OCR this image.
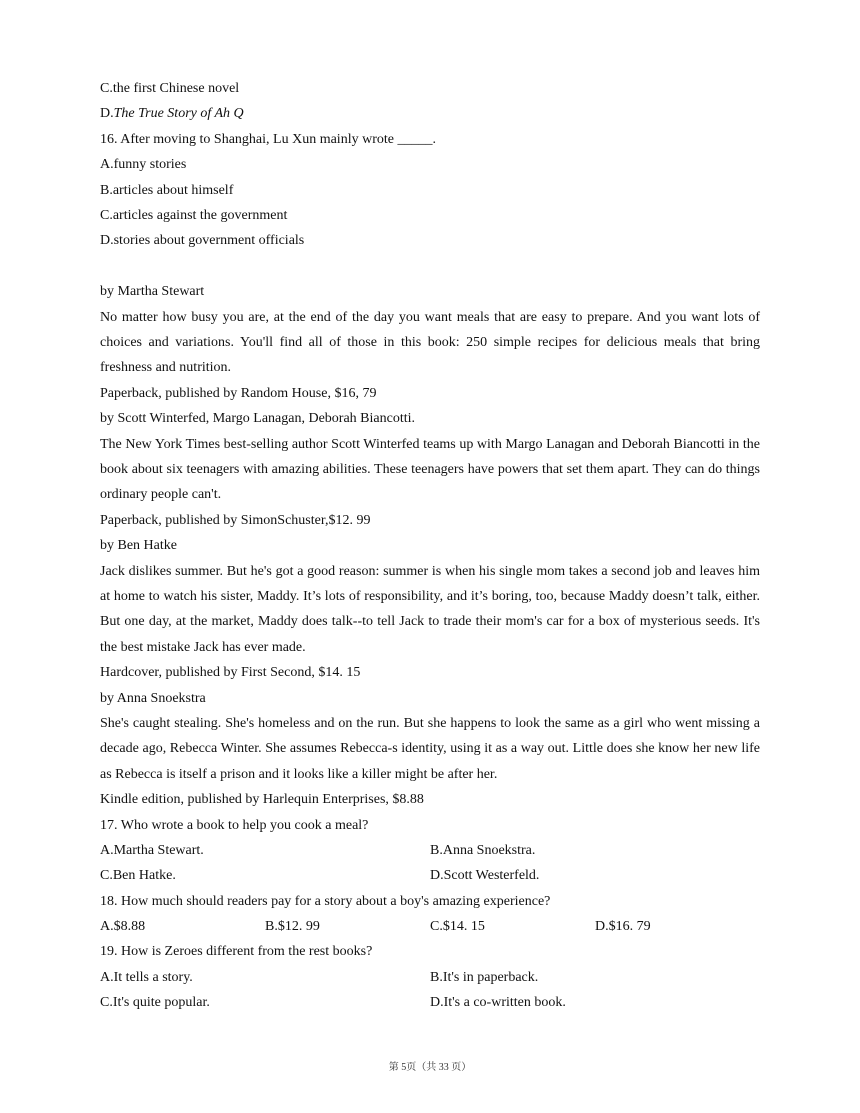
C.the first Chinese novel
D.The True Story of Ah Q
16. After moving to Shanghai, Lu Xun mainly wrote _____.
A.funny stories
B.articles about himself
C.articles against the government
D.stories about government officials
by Martha Stewart
No matter how busy you are, at the end of the day you want meals that are easy to prepare. And you want lots of choices and variations. You'll find all of those in this book: 250 simple recipes for delicious meals that bring freshness and nutrition.
Paperback, published by Random House, $16, 79
by Scott Winterfed, Margo Lanagan, Deborah Biancotti.
The New York Times best-selling author Scott Winterfed teams up with Margo Lanagan and Deborah Biancotti in the book about six teenagers with amazing abilities. These teenagers have powers that set them apart. They can do things ordinary people can't.
Paperback, published by SimonSchuster,$12. 99
by Ben Hatke
Jack dislikes summer. But he's got a good reason: summer is when his single mom takes a second job and leaves him at home to watch his sister, Maddy. It’s lots of responsibility, and it’s boring, too, because Maddy doesn’t talk, either. But one day, at the market, Maddy does talk--to tell Jack to trade their mom's car for a box of mysterious seeds. It's the best mistake Jack has ever made.
Hardcover, published by First Second, $14. 15
by Anna Snoekstra
She's caught stealing. She's homeless and on the run. But she happens to look the same as a girl who went missing a decade ago, Rebecca Winter. She assumes Rebecca-s identity, using it as a way out. Little does she know her new life as Rebecca is itself a prison and it looks like a killer might be after her.
Kindle edition, published by Harlequin Enterprises, $8.88
17. Who wrote a book to help you cook a meal?
A.Martha Stewart.	B.Anna Snoekstra.
C.Ben Hatke.	D.Scott Westerfeld.
18. How much should readers pay for a story about a boy's amazing experience?
A.$8.88	B.$12. 99	C.$14. 15	D.$16. 79
19. How is Zeroes different from the rest books?
A.It tells a story.	B.It's in paperback.
C.It's quite popular.	D.It's a co-written book.
第 5页（共 33 页）
